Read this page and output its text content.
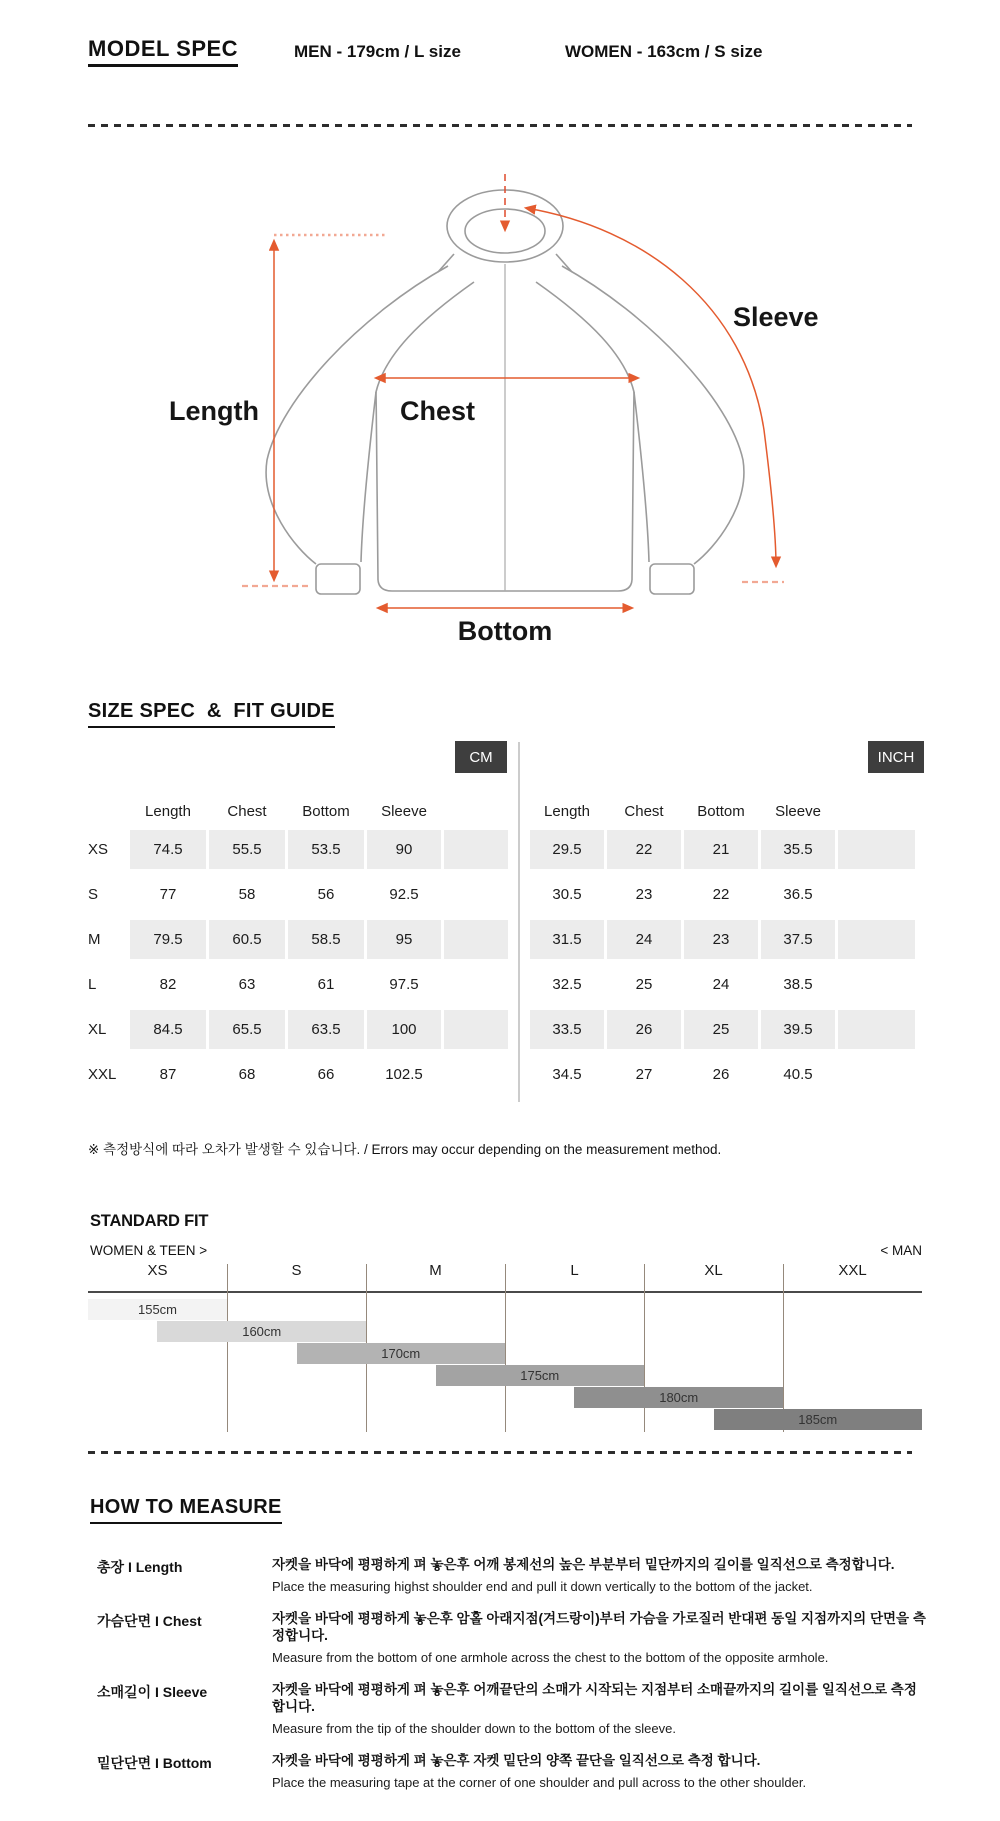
MODEL SPEC	MEN - 179cm / L size	WOMEN - 163cm / S size
Length	Chest
Sleeve
Bottom
SIZE SPEC  &  FIT GUIDE
CM	INCH
Length	Chest	Bottom	Sleeve
XS	74.5	55.5	53.5	90
S	77	58	56	92.5
M	79.5	60.5	58.5	95
L	82	63	61	97.5
XL	84.5	65.5	63.5	100
XXL	87	68	66	102.5
Length	Chest	Bottom	Sleeve
29.5	22	21	35.5
30.5	23	22	36.5
31.5	24	23	37.5
32.5	25	24	38.5
33.5	26	25	39.5
34.5	27	26	40.5
※ 측정방식에 따라 오차가 발생할 수 있습니다. / Errors may occur depending on the measurement method.
STANDARD FIT
WOMEN & TEEN >	< MAN
XS	S	M	L	XL	XXL
155cm
160cm
170cm
175cm
180cm
185cm
HOW TO MEASURE
총장 I Length	자켓을 바닥에 평평하게 펴 놓은후 어깨 봉제선의 높은 부분부터 밑단까지의 길이를 일직선으로 측정합니다.
Place the measuring highst shoulder end and pull it down vertically to the bottom of the jacket.
가슴단면 I Chest	자켓을 바닥에 평평하게 놓은후 암홀 아래지점(겨드랑이)부터 가슴을 가로질러 반대편 동일 지점까지의 단면을 측정합니다.
Measure from the bottom of one armhole across the chest to the bottom of the opposite armhole.
소매길이 I Sleeve	자켓을 바닥에 평평하게 펴 놓은후 어깨끝단의 소매가 시작되는 지점부터 소매끝까지의 길이를 일직선으로 측정합니다.
Measure from the tip of the shoulder down to the bottom of the sleeve.
밑단단면 I Bottom	자켓을 바닥에 평평하게 펴 놓은후 자켓 밑단의 양쪽 끝단을 일직선으로 측정 합니다.
Place the measuring tape at the corner of one shoulder and pull across to the other shoulder.
